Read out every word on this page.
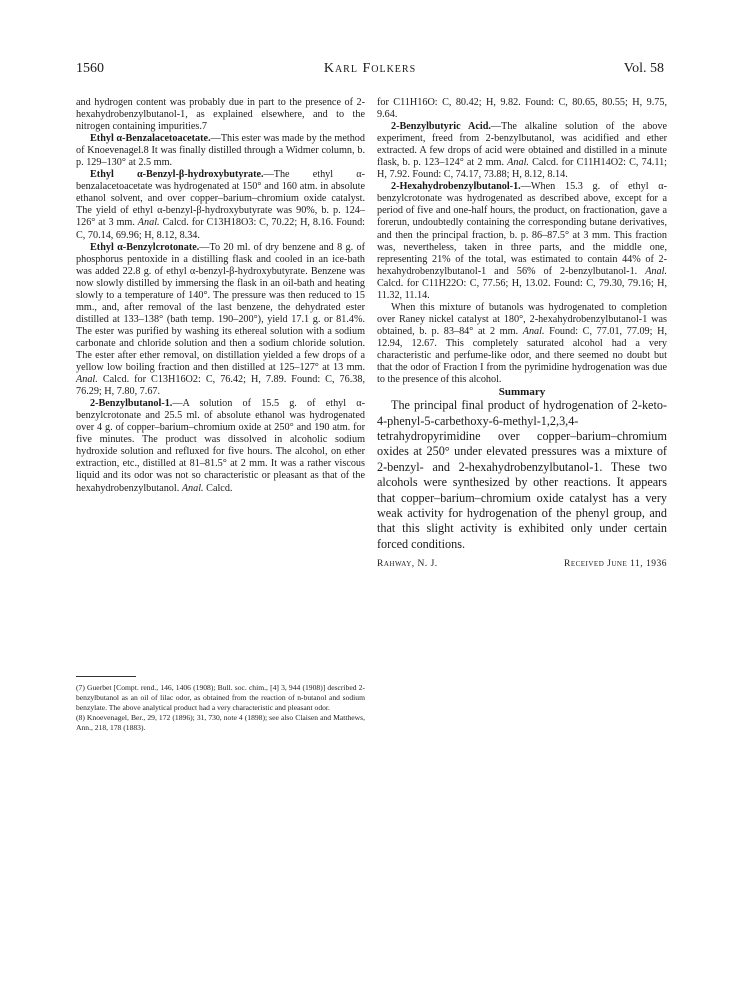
1560	Karl Folkers	Vol. 58

and hydrogen content was probably due in part to the presence of 2-hexahydrobenzylbutanol-1, as explained elsewhere, and to the nitrogen containing impurities.7

Ethyl α-Benzalacetoacetate.—This ester was made by the method of Knoevenagel.8 It was finally distilled through a Widmer column, b. p. 129–130° at 2.5 mm.

Ethyl α-Benzyl-β-hydroxybutyrate.—The ethyl α-benzalacetoacetate was hydrogenated at 150° and 160 atm. in absolute ethanol solvent, and over copper–barium–chromium oxide catalyst. The yield of ethyl α-benzyl-β-hydroxybutyrate was 90%, b. p. 124–126° at 3 mm. Anal. Calcd. for C13H18O3: C, 70.22; H, 8.16. Found: C, 70.14, 69.96; H, 8.12, 8.34.

Ethyl α-Benzylcrotonate.—To 20 ml. of dry benzene and 8 g. of phosphorus pentoxide in a distilling flask and cooled in an ice-bath was added 22.8 g. of ethyl α-benzyl-β-hydroxybutyrate. Benzene was now slowly distilled by immersing the flask in an oil-bath and heating slowly to a temperature of 140°. The pressure was then reduced to 15 mm., and, after removal of the last benzene, the dehydrated ester distilled at 133–138° (bath temp. 190–200°), yield 17.1 g. or 81.4%. The ester was purified by washing its ethereal solution with a sodium carbonate and chloride solution and then a sodium chloride solution. The ester after ether removal, on distillation yielded a few drops of a yellow low boiling fraction and then distilled at 125–127° at 13 mm. Anal. Calcd. for C13H16O2: C, 76.42; H, 7.89. Found: C, 76.38, 76.29; H, 7.80, 7.67.

2-Benzylbutanol-1.—A solution of 15.5 g. of ethyl α-benzylcrotonate and 25.5 ml. of absolute ethanol was hydrogenated over 4 g. of copper–barium–chromium oxide at 250° and 190 atm. for five minutes. The product was dissolved in alcoholic sodium hydroxide solution and refluxed for five hours. The alcohol, on ether extraction, etc., distilled at 81–81.5° at 2 mm. It was a rather viscous liquid and its odor was not so characteristic or pleasant as that of the hexahydrobenzylbutanol. Anal. Calcd.

(7) Guerbet [Compt. rend., 146, 1406 (1908); Bull. soc. chim., [4] 3, 944 (1908)] described 2-benzylbutanol as an oil of lilac odor, as obtained from the reaction of n-butanol and sodium benzylate. The above analytical product had a very characteristic and pleasant odor.

(8) Knoevenagel, Ber., 29, 172 (1896); 31, 730, note 4 (1898); see also Claisen and Matthews, Ann., 218, 178 (1883).

for C11H16O: C, 80.42; H, 9.82. Found: C, 80.65, 80.55; H, 9.75, 9.64.

2-Benzylbutyric Acid.—The alkaline solution of the above experiment, freed from 2-benzylbutanol, was acidified and ether extracted. A few drops of acid were obtained and distilled in a minute flask, b. p. 123–124° at 2 mm. Anal. Calcd. for C11H14O2: C, 74.11; H, 7.92. Found: C, 74.17, 73.88; H, 8.12, 8.14.

2-Hexahydrobenzylbutanol-1.—When 15.3 g. of ethyl α-benzylcrotonate was hydrogenated as described above, except for a period of five and one-half hours, the product, on fractionation, gave a forerun, undoubtedly containing the corresponding butane derivatives, and then the principal fraction, b. p. 86–87.5° at 3 mm. This fraction was, nevertheless, taken in three parts, and the middle one, representing 21% of the total, was estimated to contain 44% of 2-hexahydrobenzylbutanol-1 and 56% of 2-benzylbutanol-1. Anal. Calcd. for C11H22O: C, 77.56; H, 13.02. Found: C, 79.30, 79.16; H, 11.32, 11.14.

When this mixture of butanols was hydrogenated to completion over Raney nickel catalyst at 180°, 2-hexahydrobenzylbutanol-1 was obtained, b. p. 83–84° at 2 mm. Anal. Found: C, 77.01, 77.09; H, 12.94, 12.67. This completely saturated alcohol had a very characteristic and perfume-like odor, and there seemed no doubt but that the odor of Fraction I from the pyrimidine hydrogenation was due to the presence of this alcohol.

Summary

The principal final product of hydrogenation of 2-keto-4-phenyl-5-carbethoxy-6-methyl-1,2,3,4-tetrahydropyrimidine over copper–barium–chromium oxides at 250° under elevated pressures was a mixture of 2-benzyl- and 2-hexahydrobenzylbutanol-1. These two alcohols were synthesized by other reactions. It appears that copper–barium–chromium oxide catalyst has a very weak activity for hydrogenation of the phenyl group, and that this slight activity is exhibited only under certain forced conditions.

Rahway, N. J.	Received June 11, 1936
